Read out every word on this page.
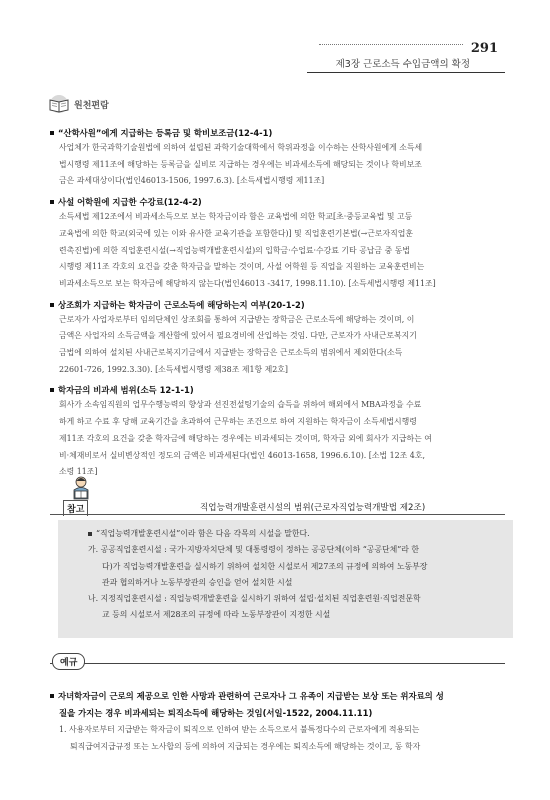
291
제3장 근로소득 수입금액의 확정
원천편람
“산학사원”에게 지급하는 등록금 및 학비보조금(12-4-1)
사업체가 한국과학기술원법에 의하여 설립된 과학기술대학에서 학위과정을 이수하는 산학사원에게 소득세
법시행령 제11조에 해당하는 등록금을 실비로 지급하는 경우에는 비과세소득에 해당되는 것이나 학비보조
금은 과세대상이다(법인46013-1506, 1997.6.3). [소득세법시행령 제11조]
사설 어학원에 지급한 수강료(12-4-2)
소득세법 제12조에서 비과세소득으로 보는 학자금이라 함은 교육법에 의한 학교[초·중등교육법 및 고등
교육법에 의한 학교(외국에 있는 이와 유사한 교육기관을 포함한다)] 및 직업훈련기본법(→근로자직업훈
련촉진법)에 의한 직업훈련시설(→직업능력개발훈련시설)의 입학금·수업료·수강료 기타 공납금 중 동법
시행령 제11조 각호의 요건을 갖춘 학자금을 말하는 것이며, 사설 어학원 등 직업을 지원하는 교육훈련비는
비과세소득으로 보는 학자금에 해당하지 않는다(법인46013 -3417, 1998.11.10). [소득세법시행령 제11조]
상조회가 지급하는 학자금이 근로소득에 해당하는지 여부(20-1-2)
근로자가 사업자로부터 임의단체인 상조회를 통하여 지급받는 장학금은 근로소득에 해당하는 것이며, 이
금액은 사업자의 소득금액을 계산함에 있어서 필요경비에 산입하는 것임. 다만, 근로자가 사내근로복지기
금법에 의하여 설치된 사내근로복지기금에서 지급받는 장학금은 근로소득의 범위에서 제외한다(소득
22601-726, 1992.3.30). [소득세법시행령 제38조 제1항 제2호]
학자금의 비과세 범위(소득 12-1-1)
회사가 소속임직원의 업무수행능력의 향상과 선진전설팅기술의 습득을 위하여 해외에서 MBA과정을 수료
하게 하고 수료 후 당해 교육기간을 초과하여 근무하는 조건으로 하여 지원하는 학자금이 소득세법시행령
제11조 각호의 요건을 갖춘 학자금에 해당하는 경우에는 비과세되는 것이며, 학자금 외에 회사가 지급하는 여
비·체재비로서 실비변상적인 정도의 금액은 비과세된다(법인 46013-1658, 1996.6.10). [소법 12조 4호,
소령 11조]
참고	직업능력개발훈련시설의 범위(근로자직업능력개발법 제2조)
“직업능력개발훈련시설”이라 함은 다음 각목의 시설을 말한다.
가. 공공직업훈련시설 : 국가·지방자치단체 및 대통령령이 정하는 공공단체(이하 “공공단체”라 한
다)가 직업능력개발훈련을 실시하기 위하여 설치한 시설로서 제27조의 규정에 의하여 노동부장
관과 협의하거나 노동부장관의 승인을 얻어 설치한 시설
나. 지정직업훈련시설 : 직업능력개발훈련을 실시하기 위하여 설립·설치된 직업훈련원·직업전문학
교 등의 시설로서 제28조의 규정에 따라 노동부장관이 지정한 시설
예규
자녀학자금이 근로의 제공으로 인한 사망과 관련하여 근로자나 그 유족이 지급받는 보상 또는 위자료의 성
질을 가지는 경우 비과세되는 퇴직소득에 해당하는 것임(서일-1522, 2004.11.11)
1. 사용자로부터 지급받는 학자금이 퇴직으로 인하여 받는 소득으로서 불특정다수의 근로자에게 적용되는
퇴직급여지급규정 또는 노사합의 등에 의하여 지급되는 경우에는 퇴직소득에 해당하는 것이고, 동 학자
